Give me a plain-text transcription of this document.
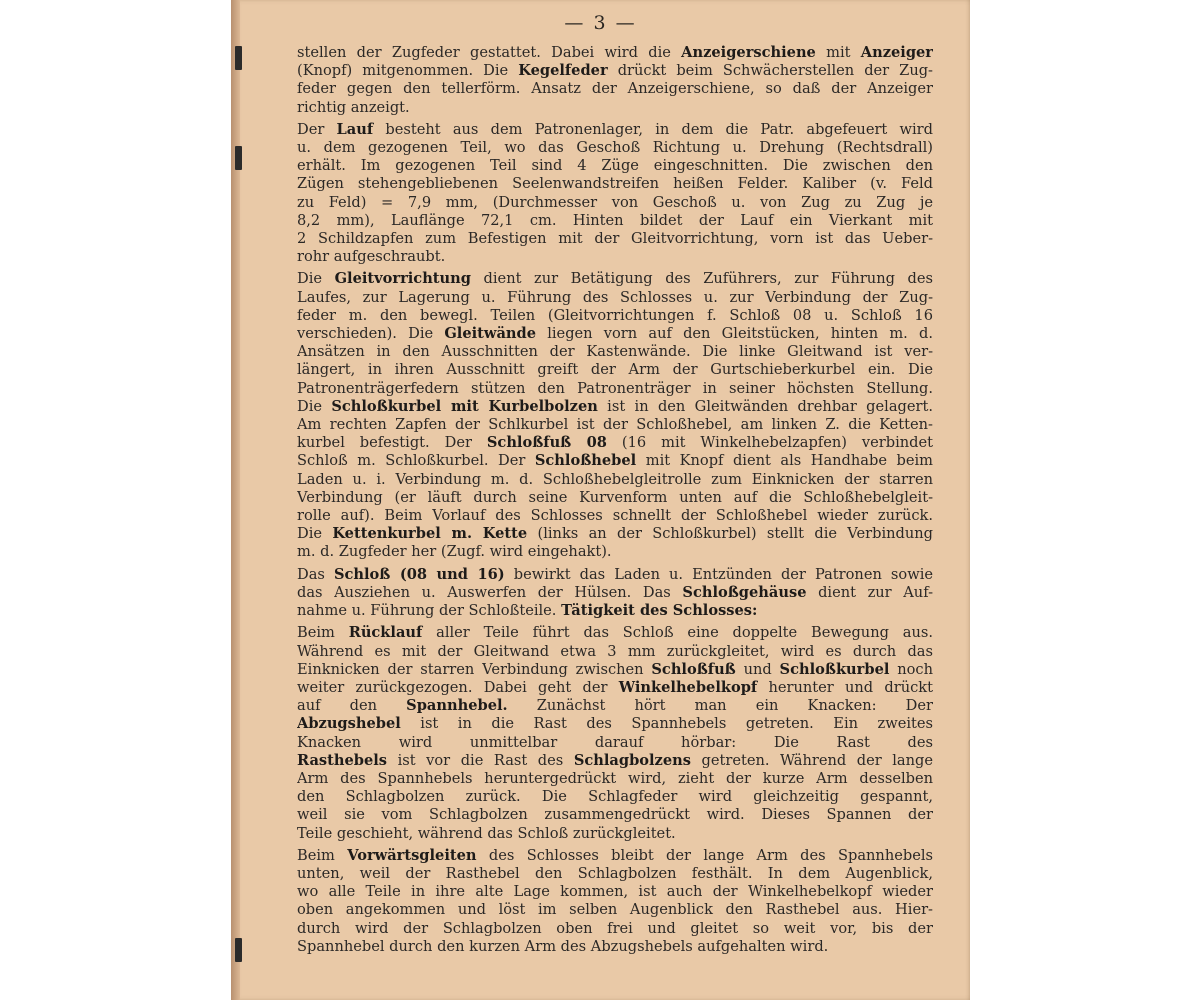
— 3 —
stellen der Zugfeder gestattet. Dabei wird die Anzeigerschiene mit Anzeiger
(Knopf) mitgenommen. Die Kegelfeder drückt beim Schwächerstellen der Zug-
feder gegen den tellerförm. Ansatz der Anzeigerschiene, so daß der Anzeiger
richtig anzeigt.
Der Lauf besteht aus dem Patronenlager, in dem die Patr. abgefeuert wird
u. dem gezogenen Teil, wo das Geschoß Richtung u. Drehung (Rechtsdrall)
erhält. Im gezogenen Teil sind 4 Züge eingeschnitten. Die zwischen den
Zügen stehengebliebenen Seelenwandstreifen heißen Felder. Kaliber (v. Feld
zu Feld) = 7,9 mm, (Durchmesser von Geschoß u. von Zug zu Zug je
8,2 mm), Lauflänge 72,1 cm. Hinten bildet der Lauf ein Vierkant mit
2 Schildzapfen zum Befestigen mit der Gleitvorrichtung, vorn ist das Ueber-
rohr aufgeschraubt.
Die Gleitvorrichtung dient zur Betätigung des Zuführers, zur Führung des
Laufes, zur Lagerung u. Führung des Schlosses u. zur Verbindung der Zug-
feder m. den bewegl. Teilen (Gleitvorrichtungen f. Schloß 08 u. Schloß 16
verschieden). Die Gleitwände liegen vorn auf den Gleitstücken, hinten m. d.
Ansätzen in den Ausschnitten der Kastenwände. Die linke Gleitwand ist ver-
längert, in ihren Ausschnitt greift der Arm der Gurtschieberkurbel ein. Die
Patronenträgerfedern stützen den Patronenträger in seiner höchsten Stellung.
Die Schloßkurbel mit Kurbelbolzen ist in den Gleitwänden drehbar gelagert.
Am rechten Zapfen der Schlkurbel ist der Schloßhebel, am linken Z. die Ketten-
kurbel befestigt. Der Schloßfuß 08 (16 mit Winkelhebelzapfen) verbindet
Schloß m. Schloßkurbel. Der Schloßhebel mit Knopf dient als Handhabe beim
Laden u. i. Verbindung m. d. Schloßhebelgleitrolle zum Einknicken der starren
Verbindung (er läuft durch seine Kurvenform unten auf die Schloßhebelgleit-
rolle auf). Beim Vorlauf des Schlosses schnellt der Schloßhebel wieder zurück.
Die Kettenkurbel m. Kette (links an der Schloßkurbel) stellt die Verbindung
m. d. Zugfeder her (Zugf. wird eingehakt).
Das Schloß (08 und 16) bewirkt das Laden u. Entzünden der Patronen sowie
das Ausziehen u. Auswerfen der Hülsen. Das Schloßgehäuse dient zur Auf-
nahme u. Führung der Schloßteile. Tätigkeit des Schlosses:
Beim Rücklauf aller Teile führt das Schloß eine doppelte Bewegung aus.
Während es mit der Gleitwand etwa 3 mm zurückgleitet, wird es durch das
Einknicken der starren Verbindung zwischen Schloßfuß und Schloßkurbel noch
weiter zurückgezogen. Dabei geht der Winkelhebelkopf herunter und drückt
auf den Spannhebel. Zunächst hört man ein Knacken: Der
Abzugshebel ist in die Rast des Spannhebels getreten. Ein zweites
Knacken wird unmittelbar darauf hörbar: Die Rast des
Rasthebels ist vor die Rast des Schlagbolzens getreten. Während der lange
Arm des Spannhebels heruntergedrückt wird, zieht der kurze Arm desselben
den Schlagbolzen zurück. Die Schlagfeder wird gleichzeitig gespannt,
weil sie vom Schlagbolzen zusammengedrückt wird. Dieses Spannen der
Teile geschieht, während das Schloß zurückgleitet.
Beim Vorwärtsgleiten des Schlosses bleibt der lange Arm des Spannhebels
unten, weil der Rasthebel den Schlagbolzen festhält. In dem Augenblick,
wo alle Teile in ihre alte Lage kommen, ist auch der Winkelhebelkopf wieder
oben angekommen und löst im selben Augenblick den Rasthebel aus. Hier-
durch wird der Schlagbolzen oben frei und gleitet so weit vor, bis der
Spannhebel durch den kurzen Arm des Abzugshebels aufgehalten wird.
